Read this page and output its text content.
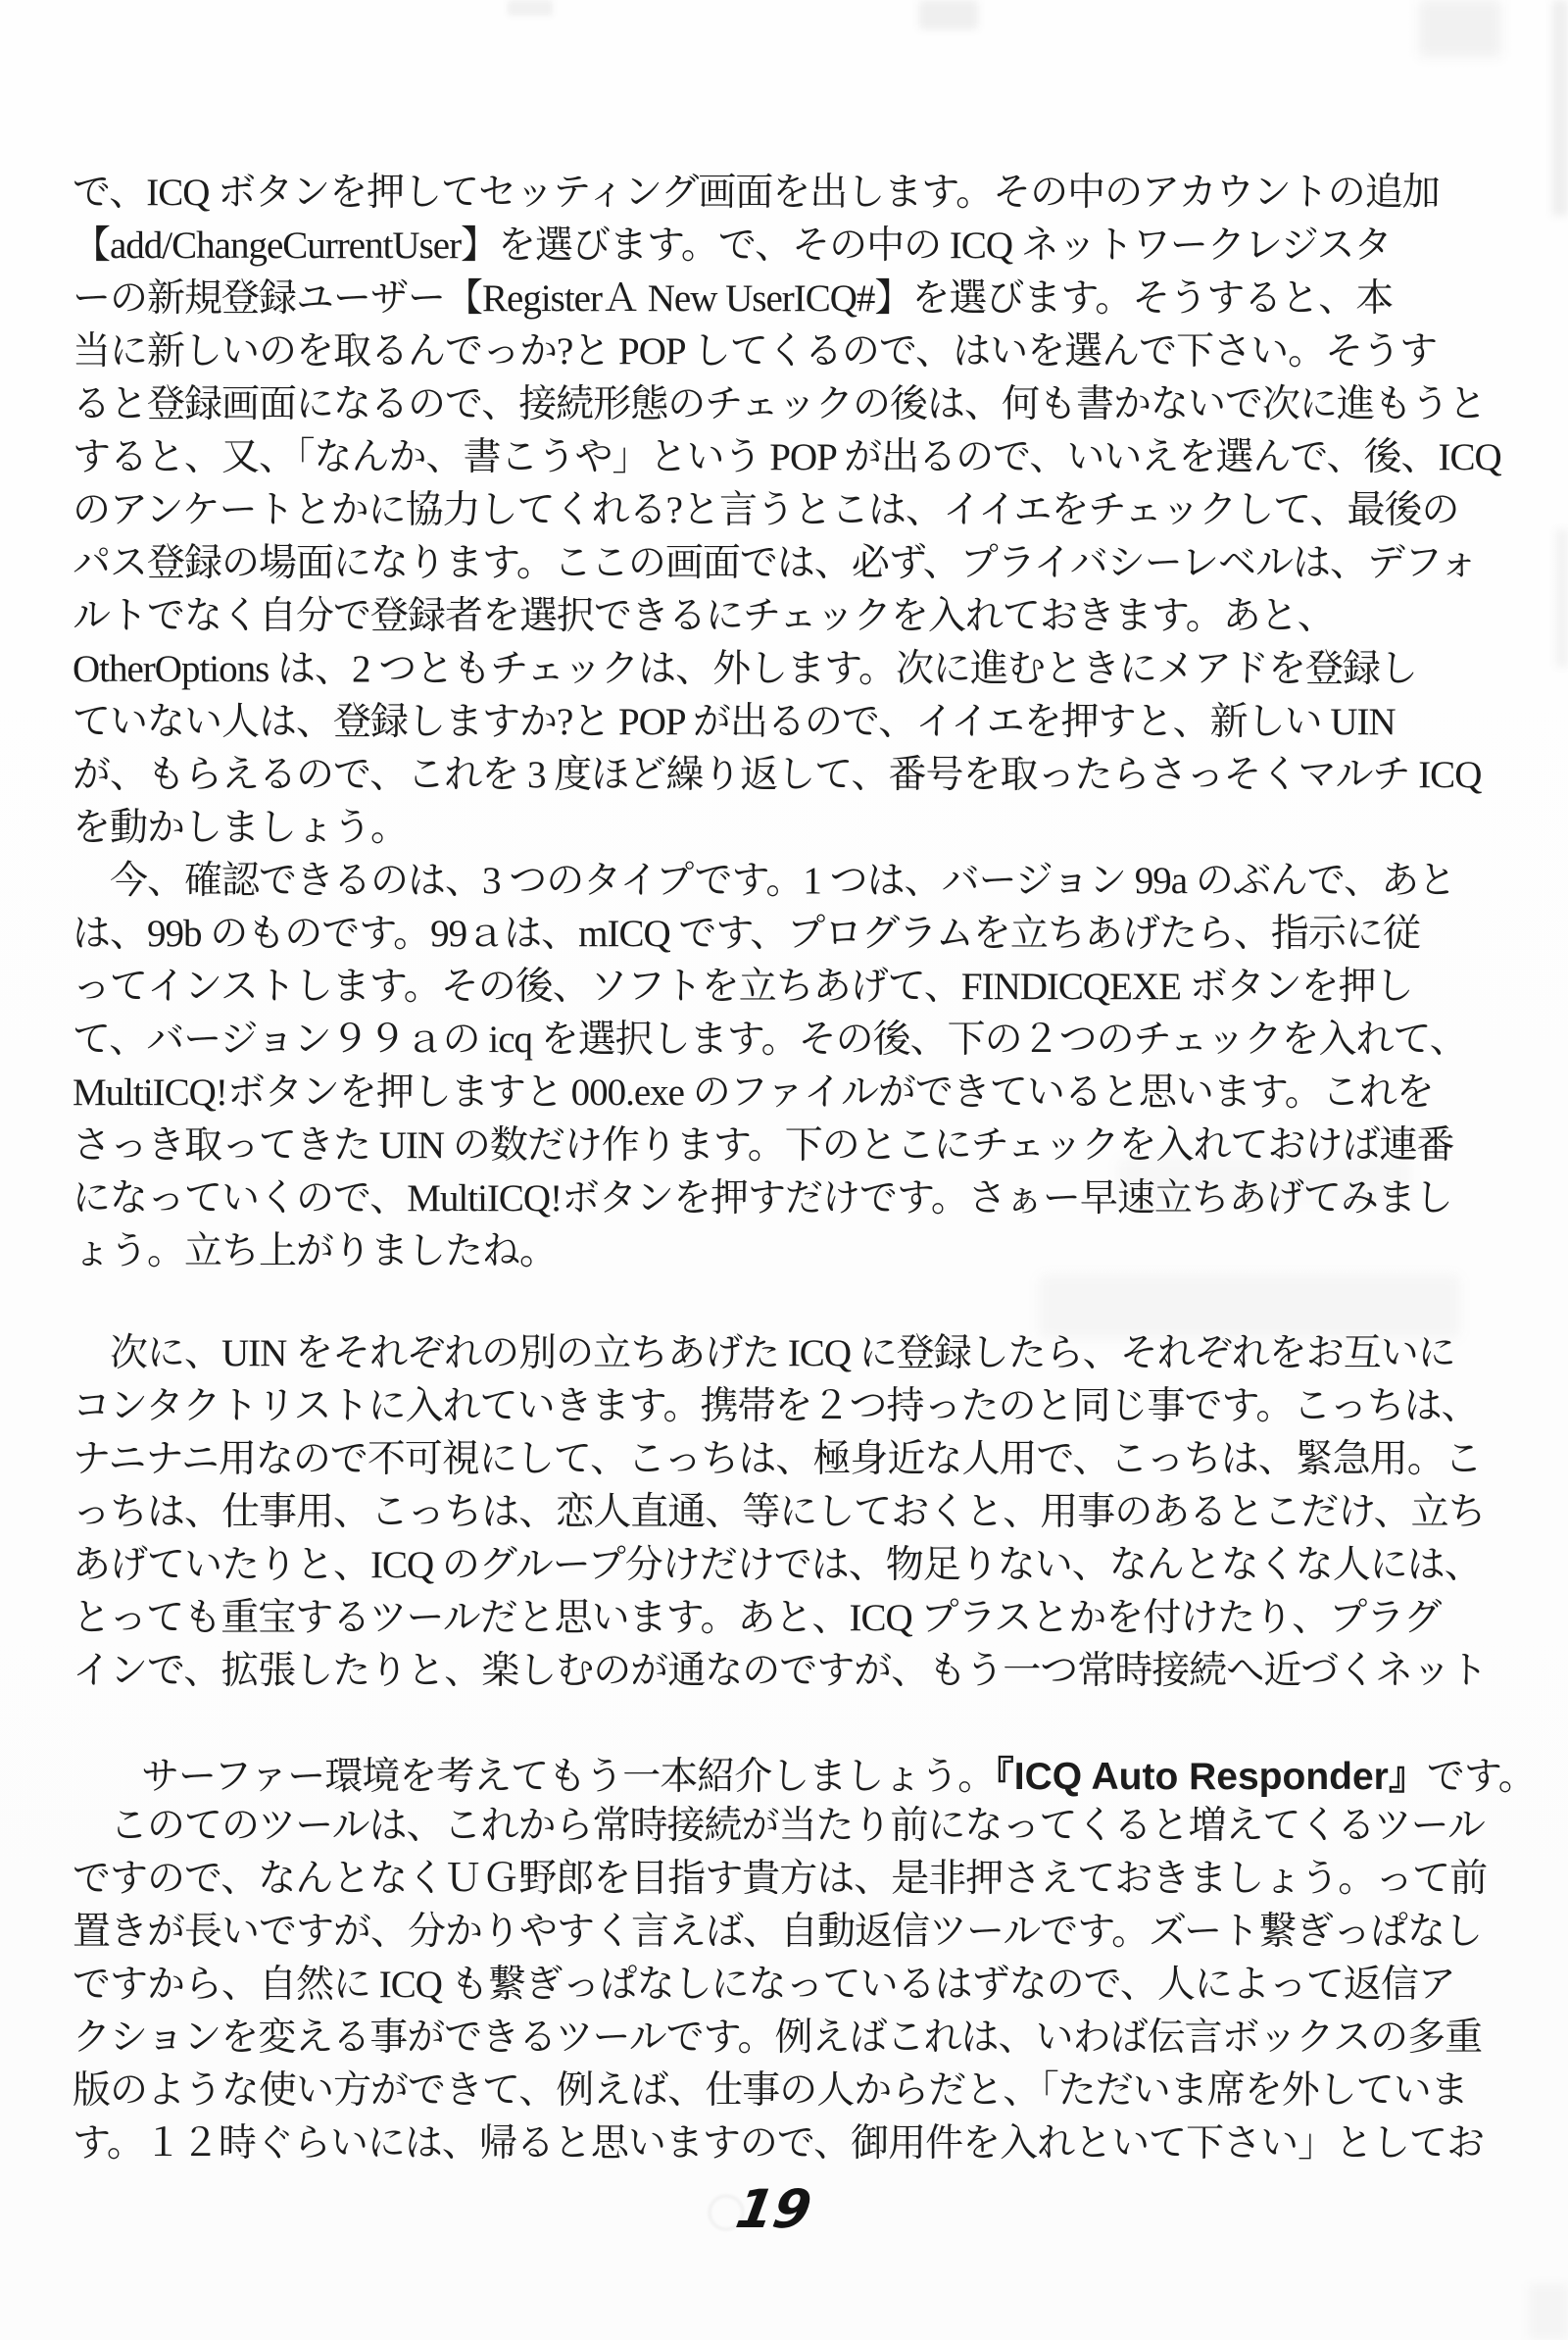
で、ICQ ボタンを押してセッティング画面を出します。その中のアカウントの追加
【add/ChangeCurrentUser】を選びます。で、その中の ICQ ネットワークレジスタ
ーの新規登録ユーザー【RegisterＡ New UserICQ#】を選びます。そうすると、本
当に新しいのを取るんでっか?と POP してくるので、はいを選んで下さい。そうす
ると登録画面になるので、接続形態のチェックの後は、何も書かないで次に進もうと
すると、又、「なんか、書こうや」という POP が出るので、いいえを選んで、後、ICQ
のアンケートとかに協力してくれる?と言うとこは、イイエをチェックして、最後の
パス登録の場面になります。ここの画面では、必ず、プライバシーレベルは、デフォ
ルトでなく自分で登録者を選択できるにチェックを入れておきます。あと、
OtherOptions は、2 つともチェックは、外します。次に進むときにメアドを登録し
ていない人は、登録しますか?と POP が出るので、イイエを押すと、新しい UIN
が、もらえるので、これを 3 度ほど繰り返して、番号を取ったらさっそくマルチ ICQ
を動かしましょう。
　今、確認できるのは、3 つのタイプです。1 つは、バージョン 99a のぶんで、あと
は、99b のものです。99ａは、mICQ です、プログラムを立ちあげたら、指示に従
ってインストします。その後、ソフトを立ちあげて、FINDICQEXE ボタンを押し
て、バージョン９９ａの icq を選択します。その後、下の２つのチェックを入れて、
MultiICQ!ボタンを押しますと 000.exe のファイルができていると思います。これを
さっき取ってきた UIN の数だけ作ります。下のとこにチェックを入れておけば連番
になっていくので、MultiICQ!ボタンを押すだけです。さぁー早速立ちあげてみまし
ょう。立ち上がりましたね。
　次に、UIN をそれぞれの別の立ちあげた ICQ に登録したら、それぞれをお互いに
コンタクトリストに入れていきます。携帯を２つ持ったのと同じ事です。こっちは、
ナニナニ用なので不可視にして、こっちは、極身近な人用で、こっちは、緊急用。こ
っちは、仕事用、こっちは、恋人直通、等にしておくと、用事のあるとこだけ、立ち
あげていたりと、ICQ のグループ分けだけでは、物足りない、なんとなくな人には、
とっても重宝するツールだと思います。あと、ICQ プラスとかを付けたり、プラグ
インで、拡張したりと、楽しむのが通なのですが、もう一つ常時接続へ近づくネット

サーファー環境を考えてもう一本紹介しましょう。『ICQ Auto Responder』です。

　このてのツールは、これから常時接続が当たり前になってくると増えてくるツール
ですので、なんとなくＵＧ野郎を目指す貴方は、是非押さえておきましょう。って前
置きが長いですが、分かりやすく言えば、自動返信ツールです。ズート繋ぎっぱなし
ですから、自然に ICQ も繋ぎっぱなしになっているはずなので、人によって返信ア
クションを変える事ができるツールです。例えばこれは、いわば伝言ボックスの多重
版のような使い方ができて、例えば、仕事の人からだと、「ただいま席を外していま
す。１２時ぐらいには、帰ると思いますので、御用件を入れといて下さい」としてお
19
